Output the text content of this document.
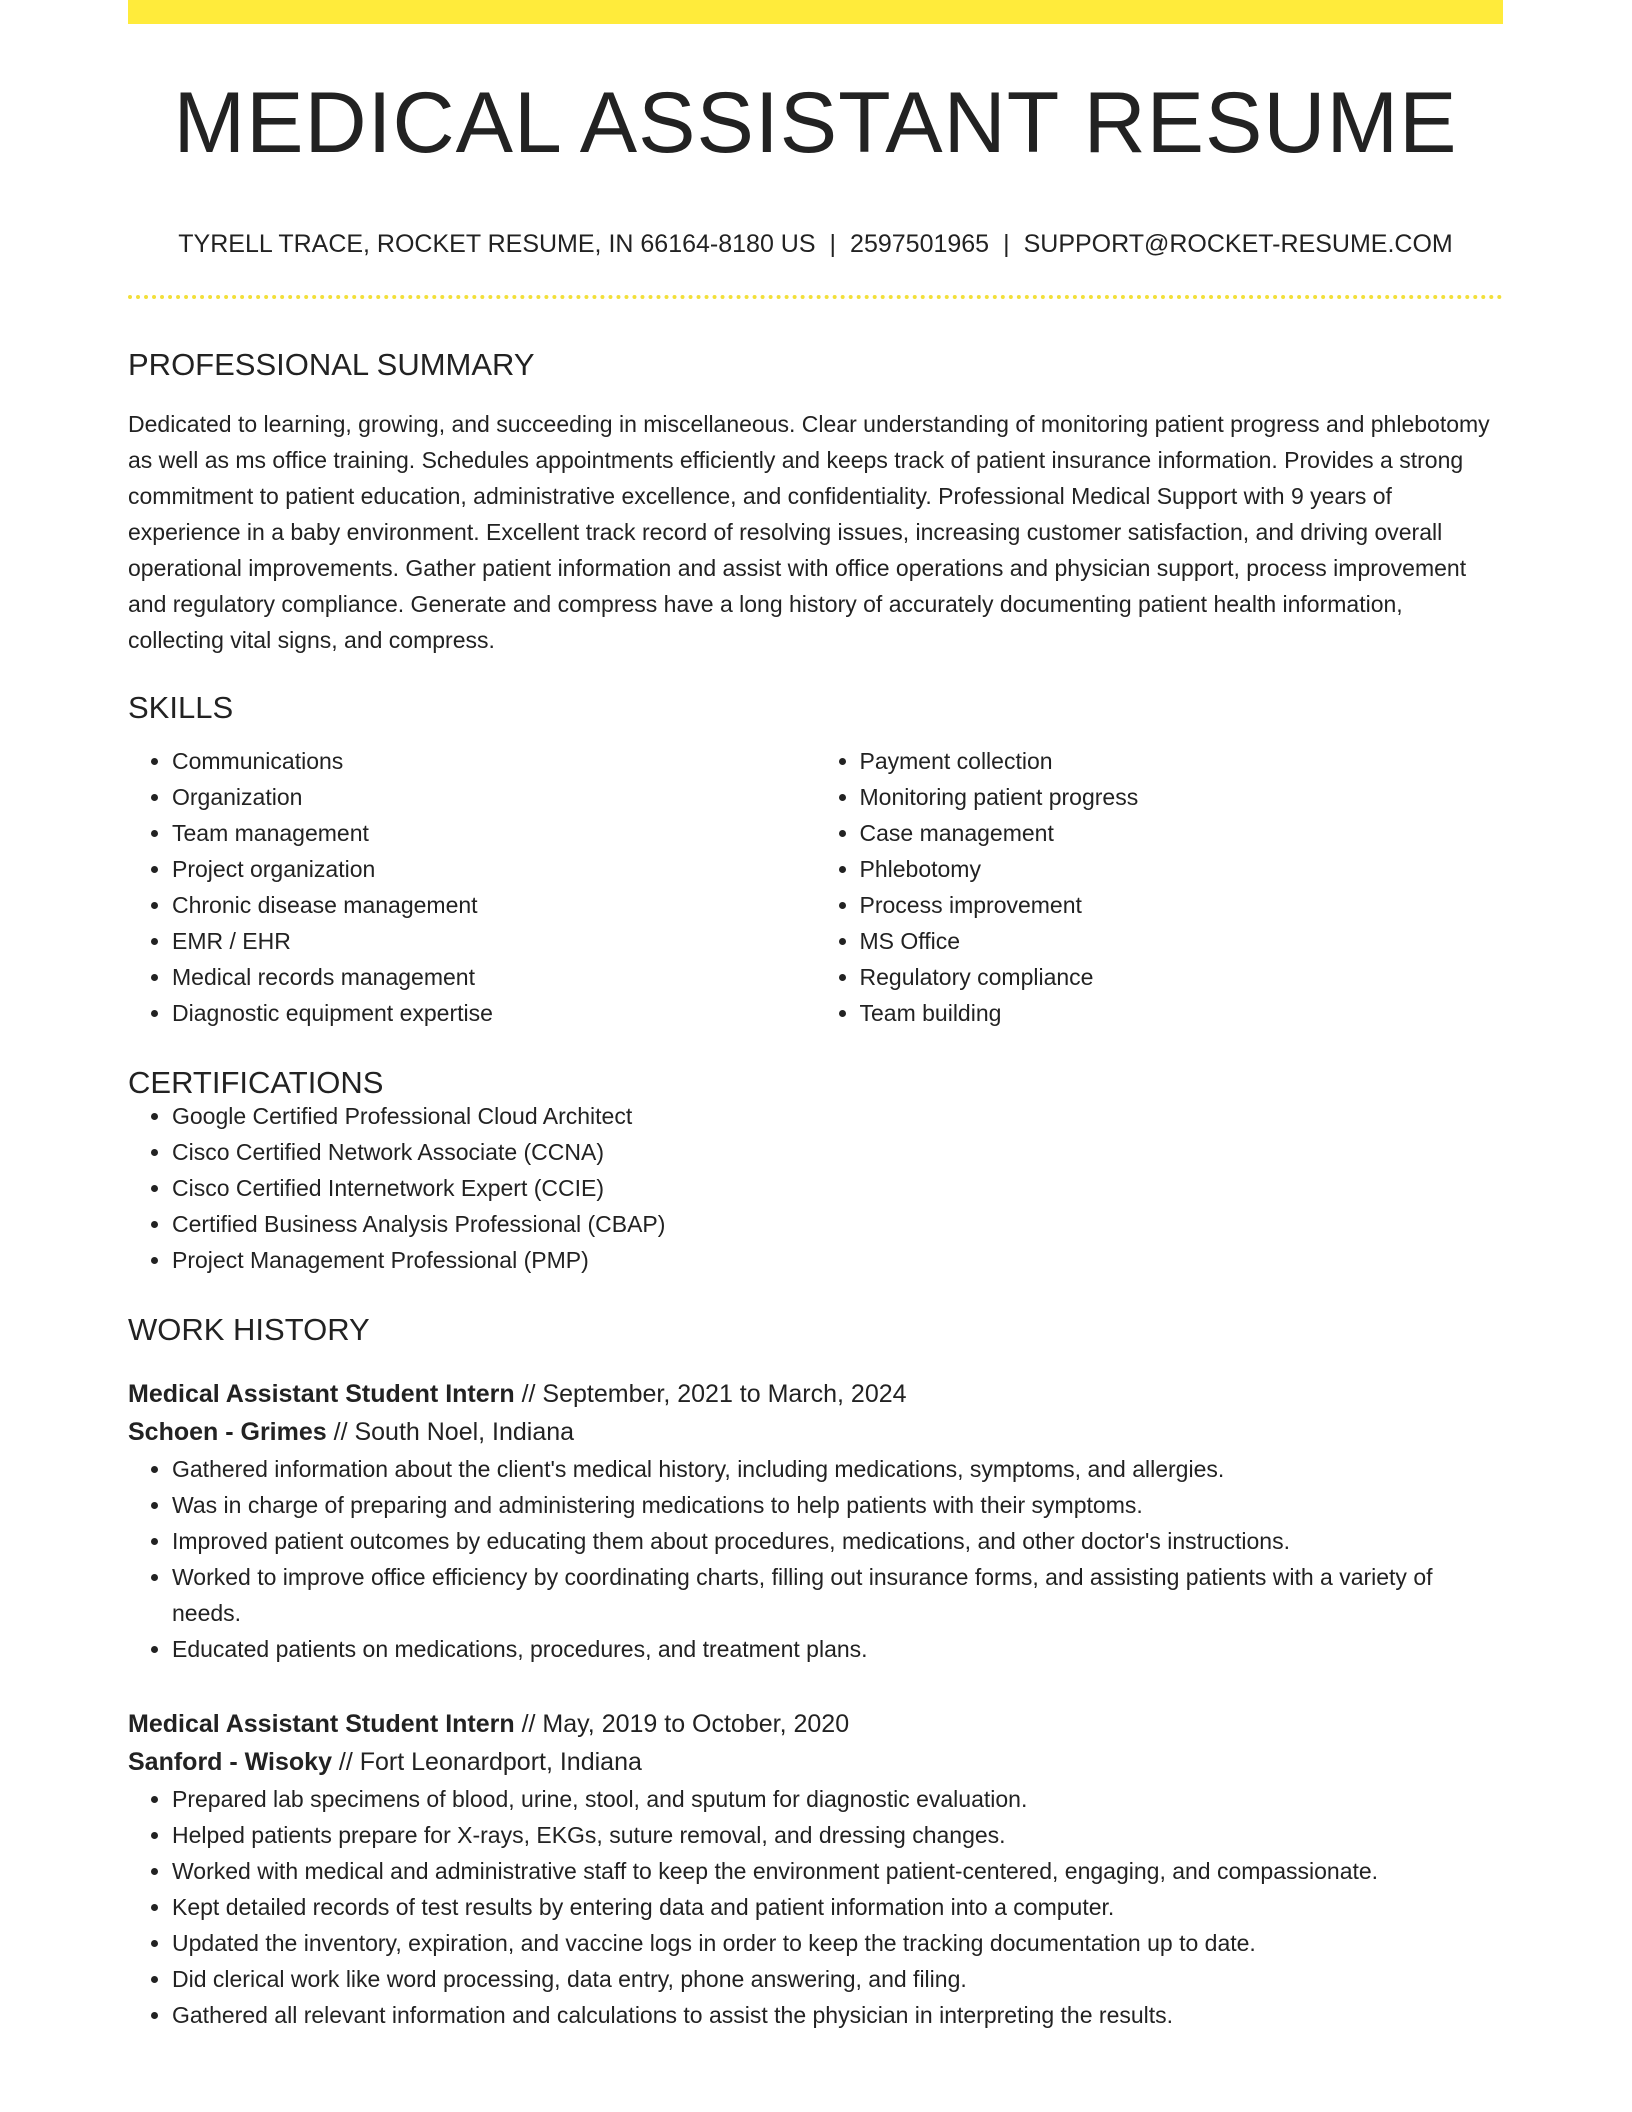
MEDICAL ASSISTANT RESUME
TYRELL TRACE, ROCKET RESUME, IN 66164-8180 US | 2597501965 | SUPPORT@ROCKET-RESUME.COM
PROFESSIONAL SUMMARY
Dedicated to learning, growing, and succeeding in miscellaneous. Clear understanding of monitoring patient progress and phlebotomy as well as ms office training. Schedules appointments efficiently and keeps track of patient insurance information. Provides a strong commitment to patient education, administrative excellence, and confidentiality. Professional Medical Support with 9 years of experience in a baby environment. Excellent track record of resolving issues, increasing customer satisfaction, and driving overall operational improvements. Gather patient information and assist with office operations and physician support, process improvement and regulatory compliance. Generate and compress have a long history of accurately documenting patient health information, collecting vital signs, and compress.
SKILLS
• Communications
• Organization
• Team management
• Project organization
• Chronic disease management
• EMR / EHR
• Medical records management
• Diagnostic equipment expertise
• Payment collection
• Monitoring patient progress
• Case management
• Phlebotomy
• Process improvement
• MS Office
• Regulatory compliance
• Team building
CERTIFICATIONS
• Google Certified Professional Cloud Architect
• Cisco Certified Network Associate (CCNA)
• Cisco Certified Internetwork Expert (CCIE)
• Certified Business Analysis Professional (CBAP)
• Project Management Professional (PMP)
WORK HISTORY
Medical Assistant Student Intern // September, 2021 to March, 2024
Schoen - Grimes // South Noel, Indiana
• Gathered information about the client's medical history, including medications, symptoms, and allergies.
• Was in charge of preparing and administering medications to help patients with their symptoms.
• Improved patient outcomes by educating them about procedures, medications, and other doctor's instructions.
• Worked to improve office efficiency by coordinating charts, filling out insurance forms, and assisting patients with a variety of needs.
• Educated patients on medications, procedures, and treatment plans.
Medical Assistant Student Intern // May, 2019 to October, 2020
Sanford - Wisoky // Fort Leonardport, Indiana
• Prepared lab specimens of blood, urine, stool, and sputum for diagnostic evaluation.
• Helped patients prepare for X-rays, EKGs, suture removal, and dressing changes.
• Worked with medical and administrative staff to keep the environment patient-centered, engaging, and compassionate.
• Kept detailed records of test results by entering data and patient information into a computer.
• Updated the inventory, expiration, and vaccine logs in order to keep the tracking documentation up to date.
• Did clerical work like word processing, data entry, phone answering, and filing.
• Gathered all relevant information and calculations to assist the physician in interpreting the results.
